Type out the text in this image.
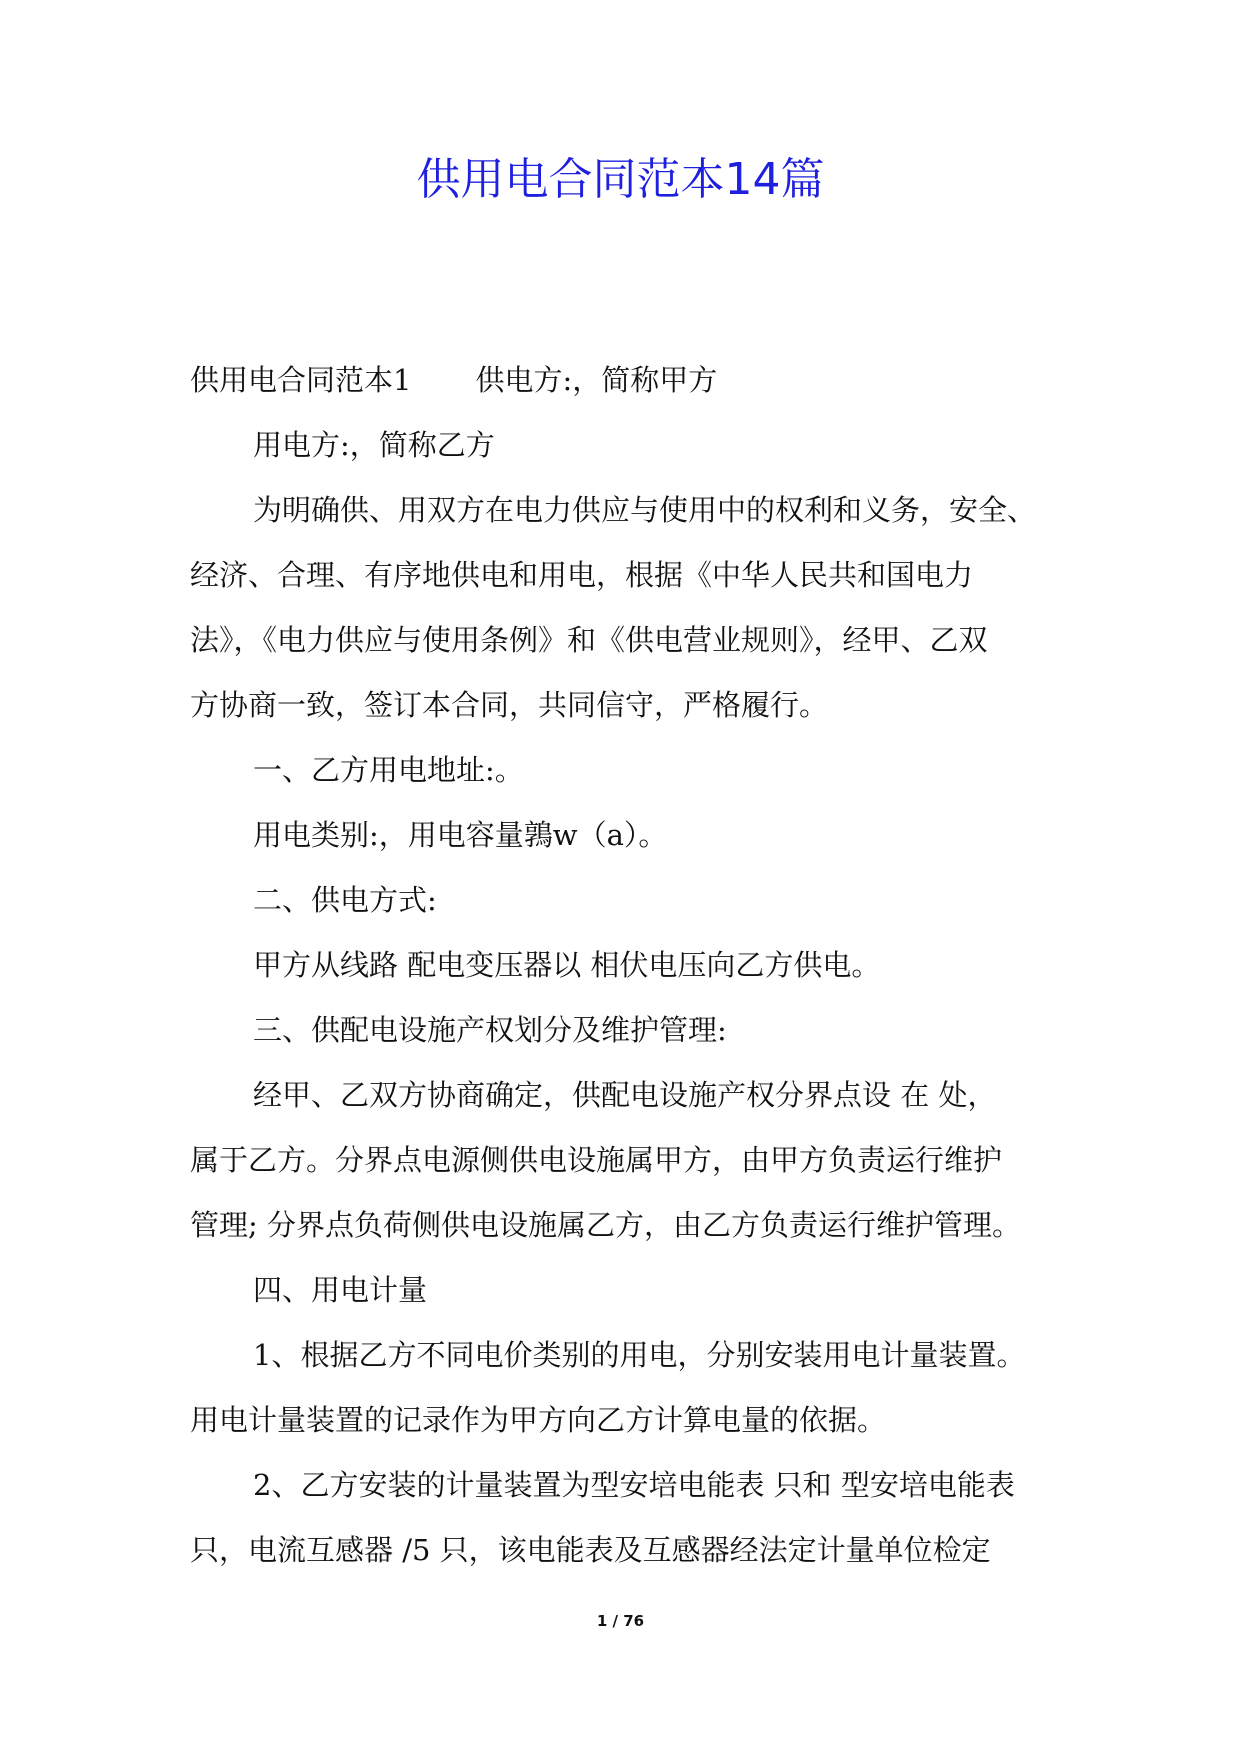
供用电合同范本14篇

供用电合同范本1 供电方:，简称甲方

用电方:，简称乙方

为明确供、用双方在电力供应与使用中的权利和义务，安全、

经济、合理、有序地供电和用电，根据《中华人民共和国电力

法》，《电力供应与使用条例》和《供电营业规则》，经甲、乙双

方协商一致，签订本合同，共同信守，严格履行。

一、乙方用电地址:。

用电类别:，用电容量鶉w（a）。

二、供电方式:

甲方从线路 配电变压器以 相伏电压向乙方供电。

三、供配电设施产权划分及维护管理:

经甲、乙双方协商确定，供配电设施产权分界点设 在 处，

属于乙方。分界点电源侧供电设施属甲方，由甲方负责运行维护

管理; 分界点负荷侧供电设施属乙方，由乙方负责运行维护管理。

四、用电计量

1、根据乙方不同电价类别的用电，分别安装用电计量装置。

用电计量装置的记录作为甲方向乙方计算电量的依据。

2、乙方安装的计量装置为型安培电能表 只和 型安培电能表

只，电流互感器 /5 只，该电能表及互感器经法定计量单位检定

1 / 76
